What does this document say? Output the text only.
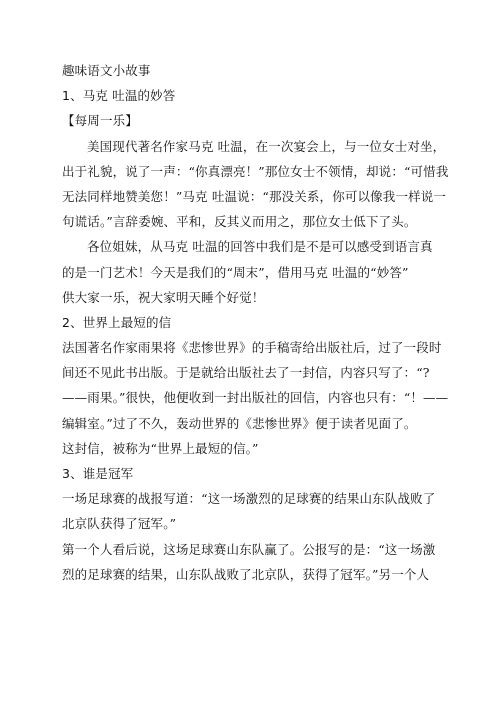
趣味语文小故事
1、马克 吐温的妙答
【每周一乐】
美国现代著名作家马克 吐温，在一次宴会上，与一位女士对坐，
出于礼貌，说了一声：“你真漂亮！”那位女士不领情，却说：“可惜我
无法同样地赞美您！”马克 吐温说：“那没关系，你可以像我一样说一
句谎话。”言辞委婉、平和，反其义而用之，那位女士低下了头。
各位姐妹，从马克 吐温的回答中我们是不是可以感受到语言真
的是一门艺术！今天是我们的“周末”，借用马克 吐温的“妙答”
供大家一乐，祝大家明天睡个好觉！
2、世界上最短的信
法国著名作家雨果将《悲惨世界》的手稿寄给出版社后，过了一段时
间还不见此书出版。于是就给出版社去了一封信，内容只写了：“?
——雨果。”很快，他便收到一封出版社的回信，内容也只有：“！——
编辑室。”过了不久，轰动世界的《悲惨世界》便于读者见面了。
这封信，被称为“世界上最短的信。”
3、谁是冠军
一场足球赛的战报写道：“这一场激烈的足球赛的结果山东队战败了
北京队获得了冠军。”
第一个人看后说，这场足球赛山东队赢了。公报写的是：“这一场激
烈的足球赛的结果，山东队战败了北京队，获得了冠军。”另一个人
